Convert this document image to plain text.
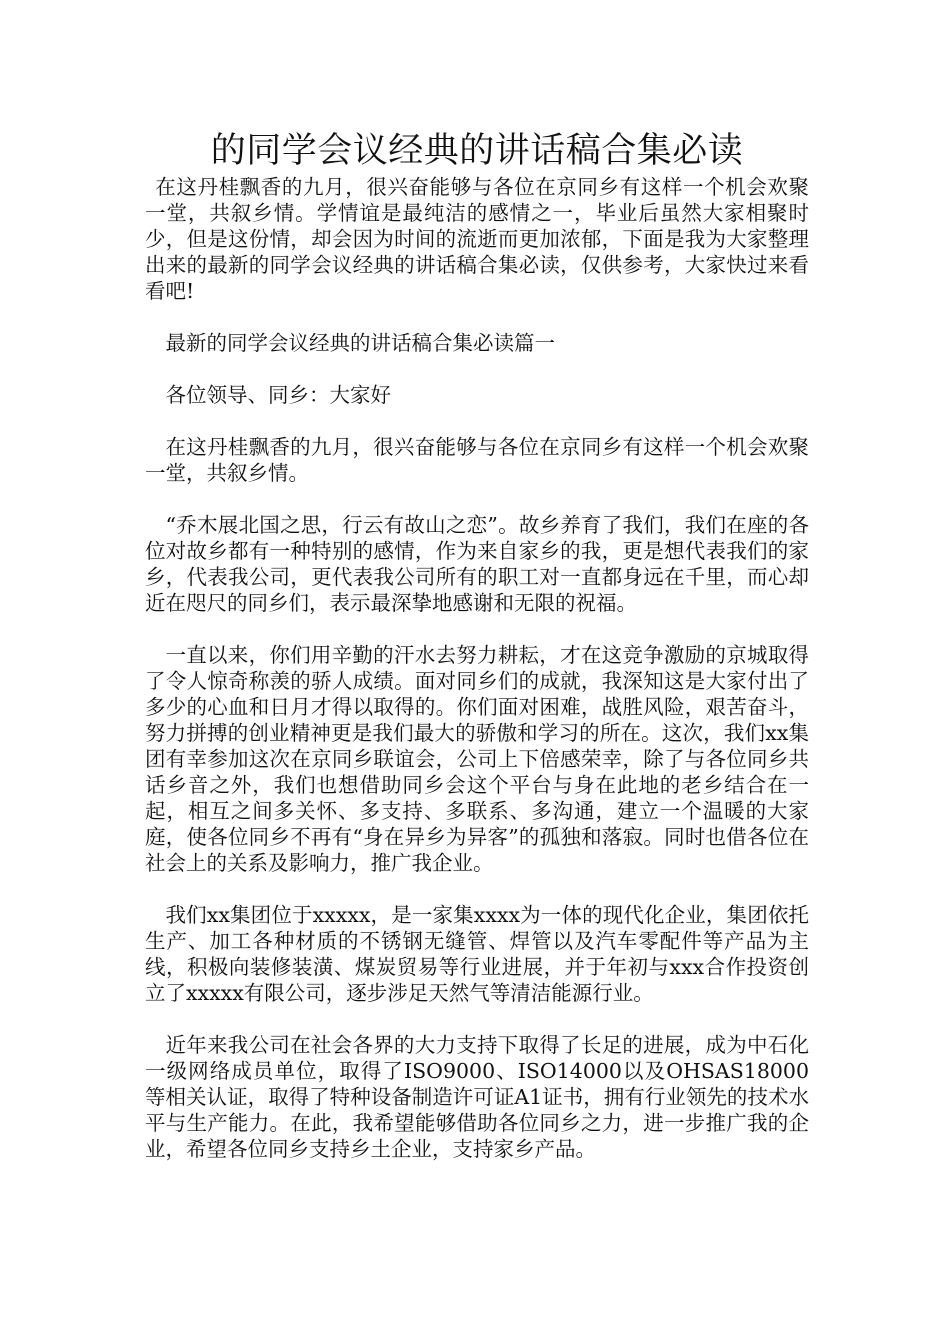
的同学会议经典的讲话稿合集必读

在这丹桂飘香的九月，很兴奋能够与各位在京同乡有这样一个机会欢聚一堂，共叙乡情。学情谊是最纯洁的感情之一，毕业后虽然大家相聚时少，但是这份情，却会因为时间的流逝而更加浓郁，下面是我为大家整理出来的最新的同学会议经典的讲话稿合集必读，仅供参考，大家快过来看看吧!

最新的同学会议经典的讲话稿合集必读篇一

各位领导、同乡：大家好

在这丹桂飘香的九月，很兴奋能够与各位在京同乡有这样一个机会欢聚一堂，共叙乡情。

“乔木展北国之思，行云有故山之恋”。故乡养育了我们，我们在座的各位对故乡都有一种特别的感情，作为来自家乡的我，更是想代表我们的家乡，代表我公司，更代表我公司所有的职工对一直都身远在千里，而心却近在咫尺的同乡们，表示最深挚地感谢和无限的祝福。

一直以来，你们用辛勤的汗水去努力耕耘，才在这竞争激励的京城取得了令人惊奇称羡的骄人成绩。面对同乡们的成就，我深知这是大家付出了多少的心血和日月才得以取得的。你们面对困难，战胜风险，艰苦奋斗，努力拼搏的创业精神更是我们最大的骄傲和学习的所在。这次，我们xx集团有幸参加这次在京同乡联谊会，公司上下倍感荣幸，除了与各位同乡共话乡音之外，我们也想借助同乡会这个平台与身在此地的老乡结合在一起，相互之间多关怀、多支持、多联系、多沟通，建立一个温暖的大家庭，使各位同乡不再有“身在异乡为异客”的孤独和落寂。同时也借各位在社会上的关系及影响力，推广我企业。

我们xx集团位于xxxxx，是一家集xxxx为一体的现代化企业，集团依托生产、加工各种材质的不锈钢无缝管、焊管以及汽车零配件等产品为主线，积极向装修装潢、煤炭贸易等行业进展，并于年初与xxx合作投资创立了xxxxx有限公司，逐步涉足天然气等清洁能源行业。

近年来我公司在社会各界的大力支持下取得了长足的进展，成为中石化一级网络成员单位，取得了ISO9000、ISO14000以及OHSAS18000等相关认证，取得了特种设备制造许可证A1证书，拥有行业领先的技术水平与生产能力。在此，我希望能够借助各位同乡之力，进一步推广我的企业，希望各位同乡支持乡土企业，支持家乡产品。
